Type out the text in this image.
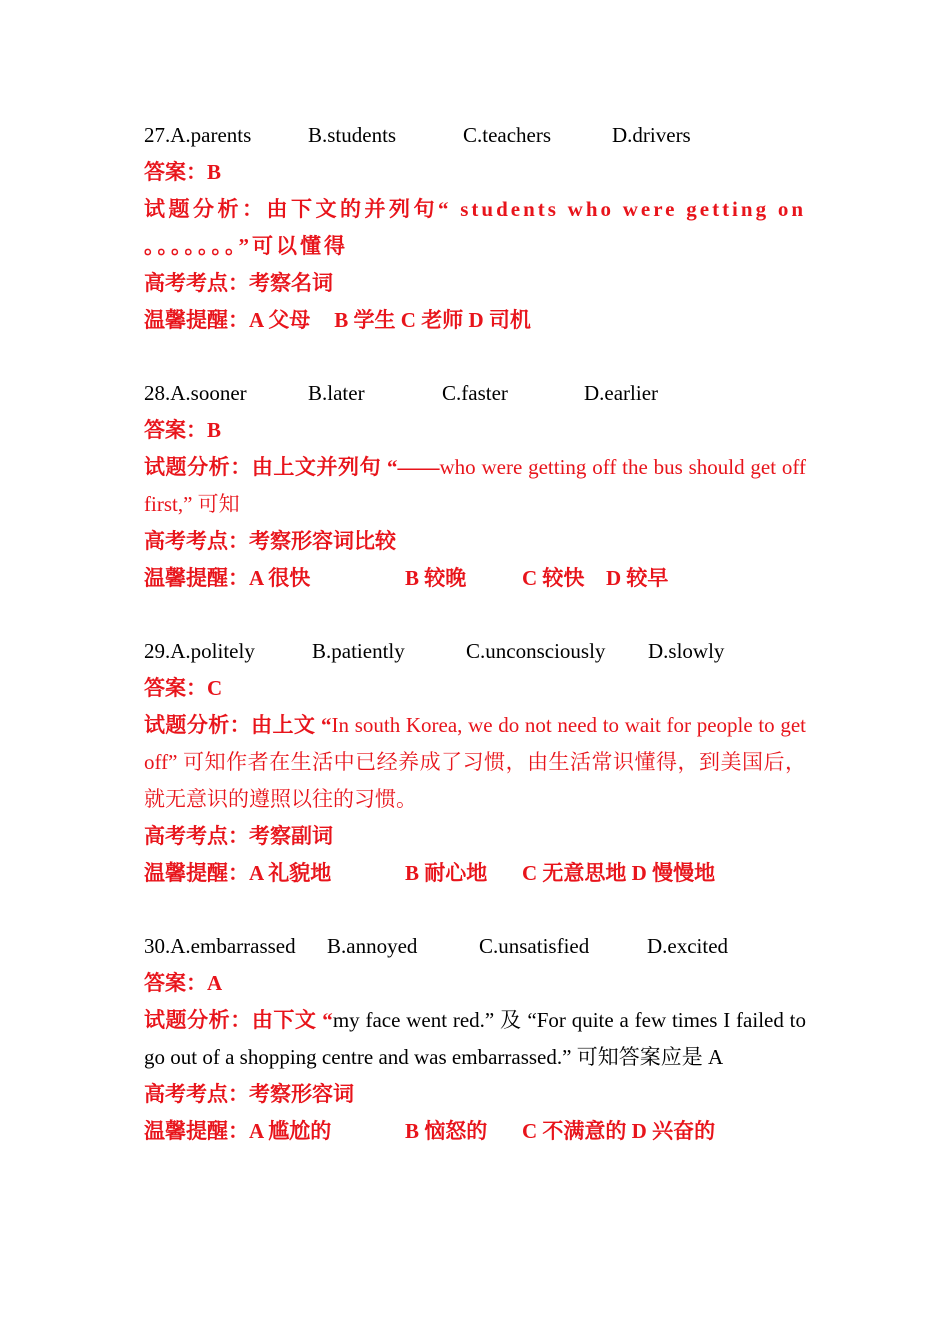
27.A.parents	B.students	C.teachers	D.drivers
答案：B
试题分析：由下文的并列句“ students who were getting on 。。。。。。。”可以懂得
高考考点：考察名词
温馨提醒：A 父母 B 学生 C 老师 D 司机
28.A.sooner	B.later	C.faster	D.earlier
答案：B
试题分析：由上文并列句 “——who were getting off the bus should get off first,” 可知
高考考点：考察形容词比较
温馨提醒：A 很快	B 较晚	C 较快 D 较早
29.A.politely	B.patiently	C.unconsciously D.slowly
答案：C
试题分析：由上文 “In south Korea, we do not need to wait for people to get off” 可知作者在生活中已经养成了习惯，由生活常识懂得，到美国后，就无意识的遵照以往的习惯。
高考考点：考察副词
温馨提醒：A 礼貌地	B 耐心地 C 无意思地 D 慢慢地
30.A.embarrassed B.annoyed	C.unsatisfied	D.excited
答案：A
试题分析：由下文 “my face went red.” 及 “For quite a few times I failed to go out of a shopping centre and was embarrassed.” 可知答案应是 A
高考考点：考察形容词
温馨提醒：A 尴尬的	B 恼怒的 C 不满意的 D 兴奋的
